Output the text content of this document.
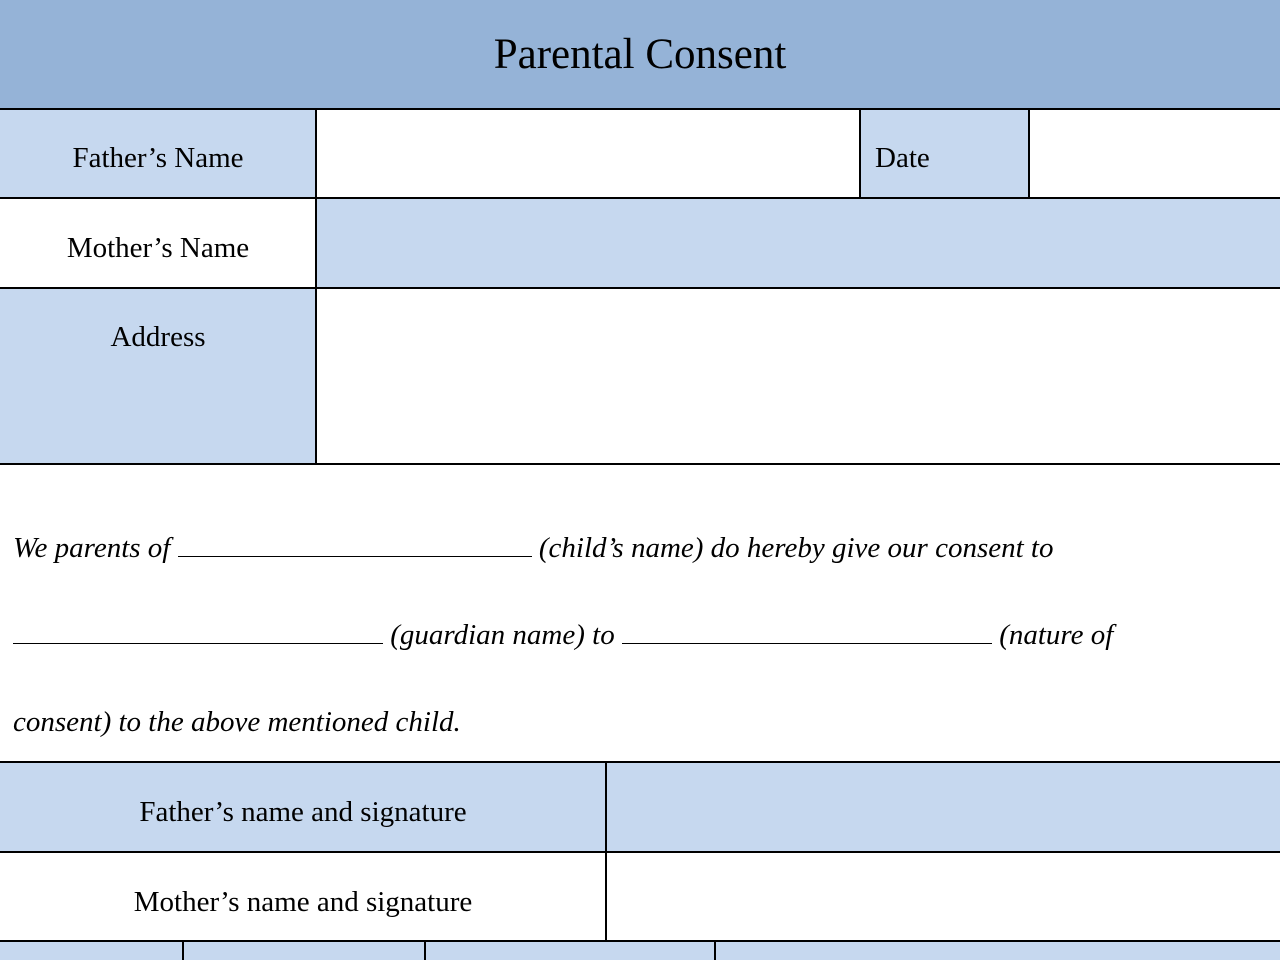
Parental Consent
Father’s Name	Date
Mother’s Name
Address
We parents of	(child’s name) do hereby give our consent to
(guardian name) to	(nature of
consent) to the above mentioned child.
Father’s name and signature
Mother’s name and signature
